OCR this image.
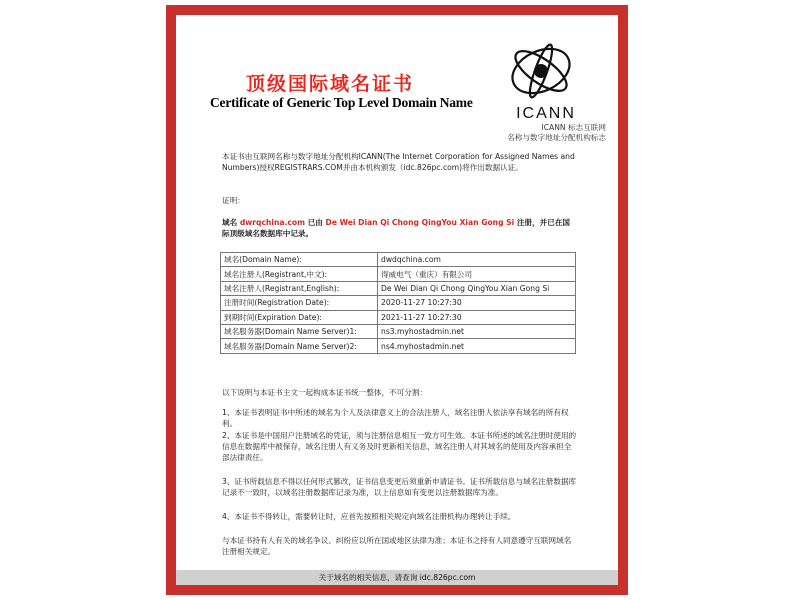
顶级国际域名证书
Certificate of Generic Top Level Domain Name
ICANN
ICANN 标志互联网
名称与数字地址分配机构标志
本证书由互联网名称与数字地址分配机构ICANN(The Internet Corporation for Assigned Names and Numbers)授权REGISTRARS.COM并由本机构颁发（idc.826pc.com)将作出数据认证。
证明：
域名 dwrqchina.com 已由 De Wei Dian Qi Chong QingYou Xian Gong Si 注册，并已在国际顶级域名数据库中记录。
域名(Domain Name):	dwdqchina.com
域名注册人(Registrant,中文):	得威电气（重庆）有限公司
域名注册人(Registrant,English):	De Wei Dian Qi Chong QingYou Xian Gong Si
注册时间(Registration Date):	2020-11-27 10:27:30
到期时间(Expiration Date):	2021-11-27 10:27:30
域名服务器(Domain Name Server)1:	ns3.myhostadmin.net
域名服务器(Domain Name Server)2:	ns4.myhostadmin.net
以下说明与本证书主文一起构成本证书统一整体，不可分割：
1、本证书表明证书中所述的域名为个人及法律意义上的合法注册人，域名注册人依法享有域名的所有权利。
2、本证书是中国用户注册域名的凭证，须与注册信息相互一致方可生效。本证书所述的域名注册时使用的信息在数据库中被保存，域名注册人有义务及时更新相关信息，域名注册人对其域名的使用及内容承担全部法律责任。
3、证书所载信息不得以任何形式篡改，证书信息变更后须重新申请证书。证书所载信息与域名注册数据库记录不一致时，以域名注册数据库记录为准，以上信息如有变更以注册数据库为准。
4、本证书不得转让，需要转让时，应首先按照相关规定向域名注册机构办理转让手续。
与本证书持有人有关的域名争议、纠纷应以所在国或地区法律为准；本证书之持有人同意遵守互联网域名注册相关规定。
关于域名的相关信息，请查询 idc.826pc.com
